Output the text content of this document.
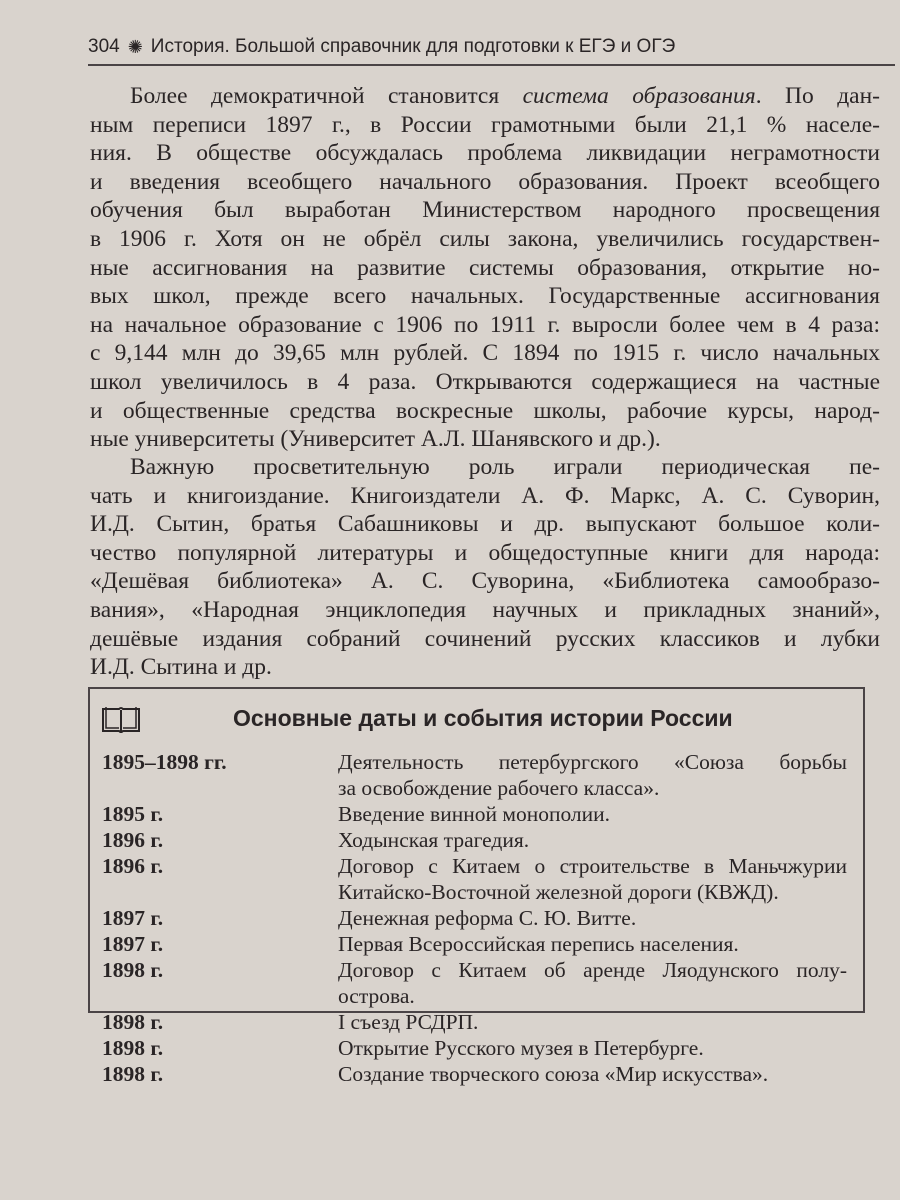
304 ✺ История. Большой справочник для подготовки к ЕГЭ и ОГЭ
Более демократичной становится система образования. По дан-
ным переписи 1897 г., в России грамотными были 21,1 % населе-
ния. В обществе обсуждалась проблема ликвидации неграмотности
и введения всеобщего начального образования. Проект всеобщего
обучения был выработан Министерством народного просвещения
в 1906 г. Хотя он не обрёл силы закона, увеличились государствен-
ные ассигнования на развитие системы образования, открытие но-
вых школ, прежде всего начальных. Государственные ассигнования
на начальное образование с 1906 по 1911 г. выросли более чем в 4 раза:
с 9,144 млн до 39,65 млн рублей. С 1894 по 1915 г. число начальных
школ увеличилось в 4 раза. Открываются содержащиеся на частные
и общественные средства воскресные школы, рабочие курсы, народ-
ные университеты (Университет А.Л. Шанявского и др.).
Важную просветительную роль играли периодическая пе-
чать и книгоиздание. Книгоиздатели А. Ф. Маркс, А. С. Суворин,
И.Д. Сытин, братья Сабашниковы и др. выпускают большое коли-
чество популярной литературы и общедоступные книги для народа:
«Дешёвая библиотека» А. С. Суворина, «Библиотека самообразо-
вания», «Народная энциклопедия научных и прикладных знаний»,
дешёвые издания собраний сочинений русских классиков и лубки
И.Д. Сытина и др.
Основные даты и события истории России
1895–1898 гг.	Деятельность петербургского «Союза борьбы
за освобождение рабочего класса».
1895 г.	Введение винной монополии.
1896 г.	Ходынская трагедия.
1896 г.	Договор с Китаем о строительстве в Маньчжурии
Китайско-Восточной железной дороги (КВЖД).
1897 г.	Денежная реформа С. Ю. Витте.
1897 г.	Первая Всероссийская перепись населения.
1898 г.	Договор с Китаем об аренде Ляодунского полу-
острова.
1898 г.	I съезд РСДРП.
1898 г.	Открытие Русского музея в Петербурге.
1898 г.	Создание творческого союза «Мир искусства».
